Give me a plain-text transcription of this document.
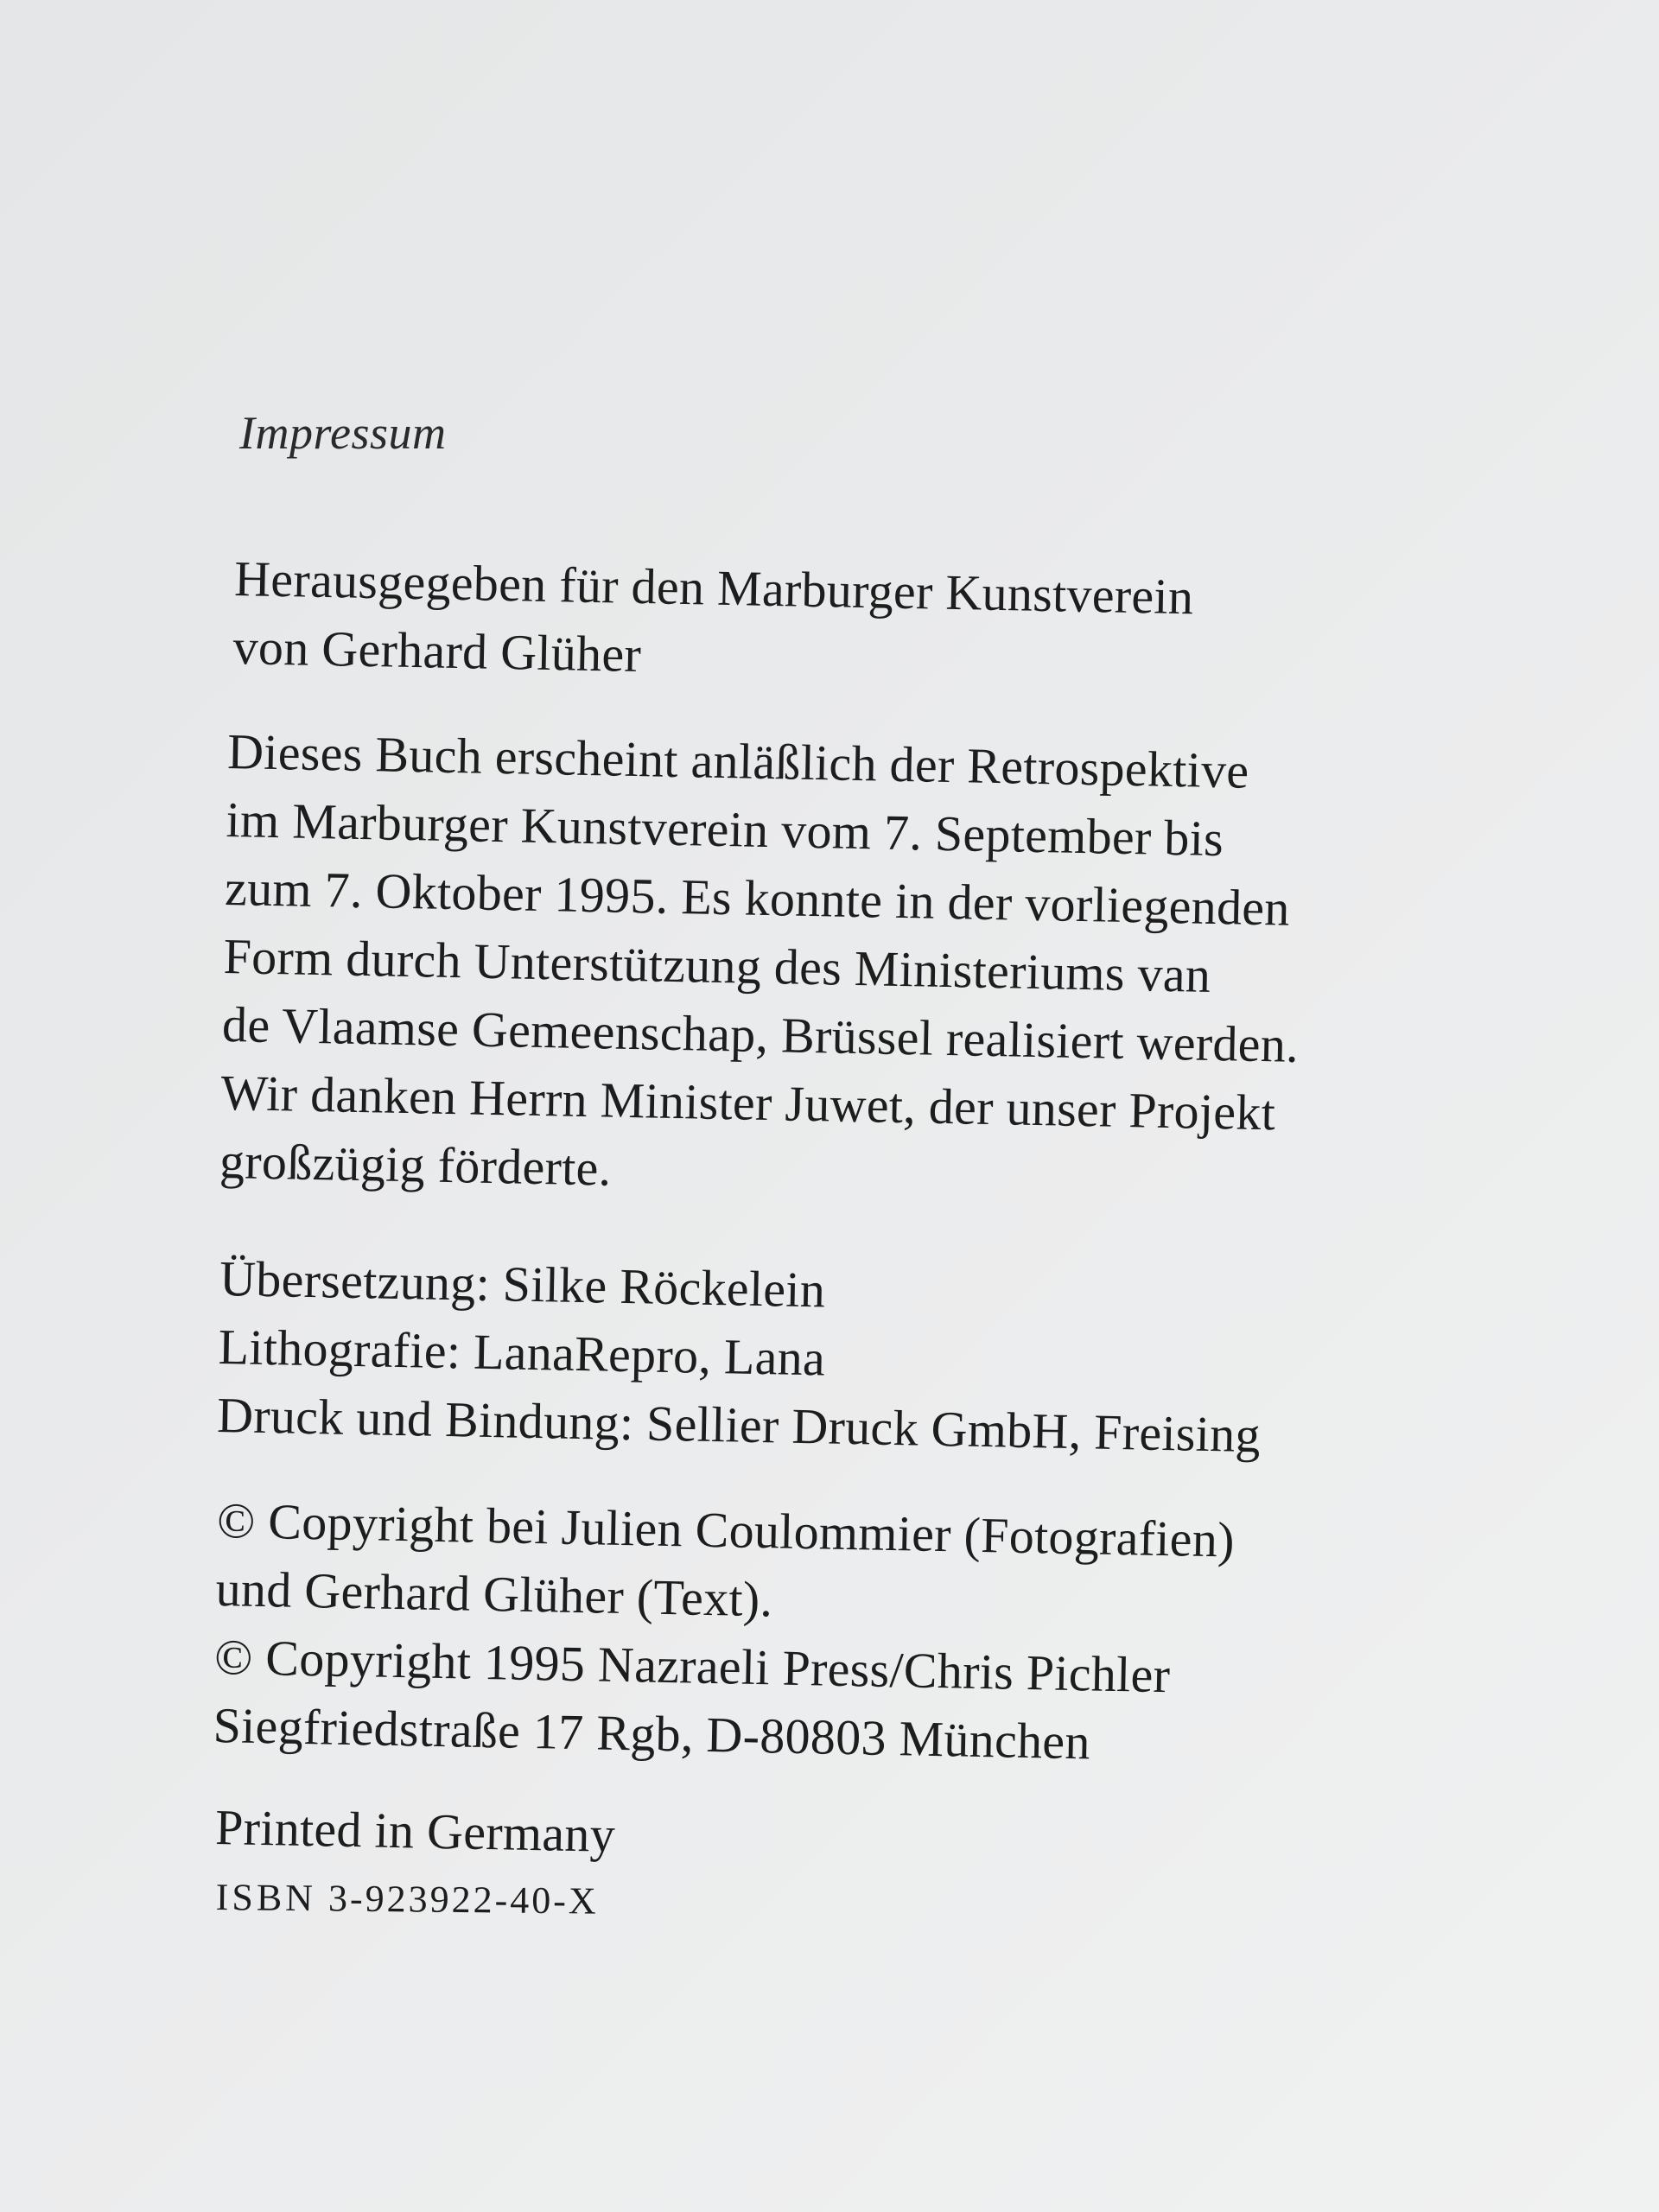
Impressum

Herausgegeben für den Marburger Kunstverein

von Gerhard Glüher

Dieses Buch erscheint anläßlich der Retrospektive

im Marburger Kunstverein vom 7. September bis

zum 7. Oktober 1995. Es konnte in der vorliegenden

Form durch Unterstützung des Ministeriums van

de Vlaamse Gemeenschap, Brüssel realisiert werden.

Wir danken Herrn Minister Juwet, der unser Projekt

großzügig förderte.

Übersetzung: Silke Röckelein

Lithografie: LanaRepro, Lana

Druck und Bindung: Sellier Druck GmbH, Freising

© Copyright bei Julien Coulommier (Fotografien)

und Gerhard Glüher (Text).

© Copyright 1995 Nazraeli Press/Chris Pichler

Siegfriedstraße 17 Rgb, D-80803 München

Printed in Germany

ISBN 3-923922-40-X
